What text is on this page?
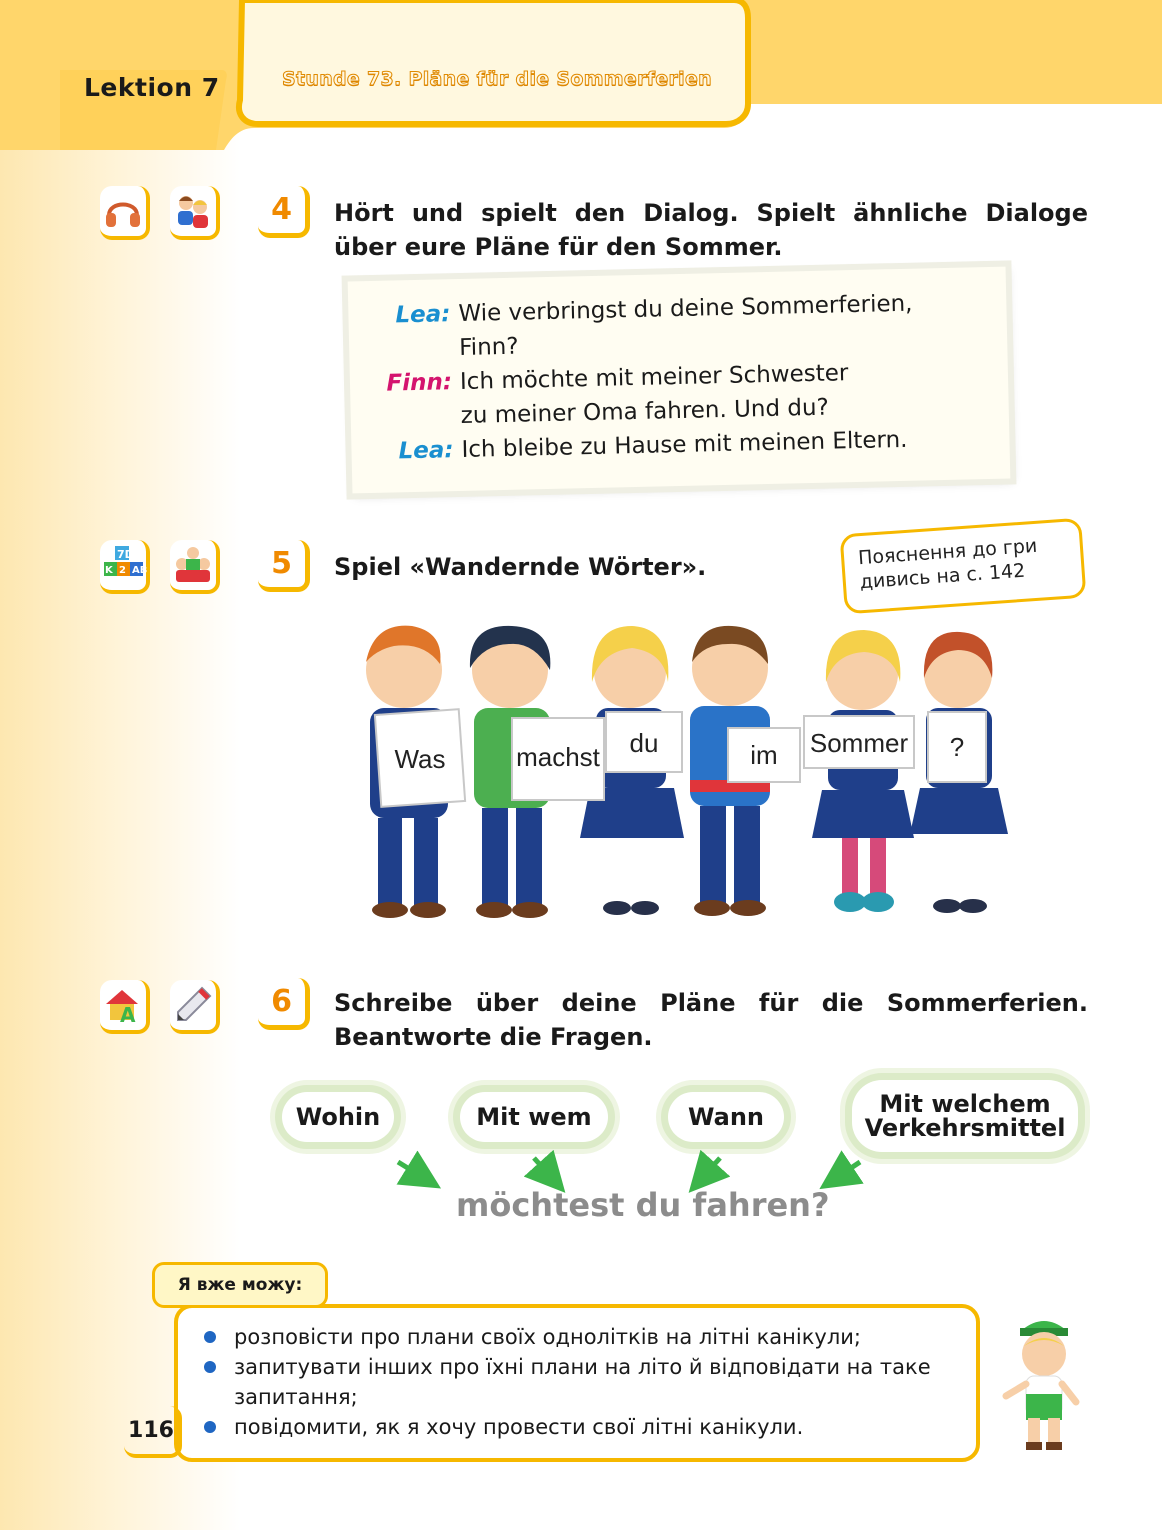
Lektion 7	Stunde 73. Pläne für die Sommerferien
4	Hört und spielt den Dialog. Spielt ähnliche Dialoge über eure Pläne für den Sommer.
Lea: Wie verbringst du deine Sommerferien,
Finn?
Finn: Ich möchte mit meiner Schwester
zu meiner Oma fahren. Und du?
Lea: Ich bleibe zu Hause mit meinen Eltern.
7D
K 2 AB	5	Spiel «Wandernde Wörter».	Пояснення до гри дивись на с. 142
Was	machst du	im Sommer ?
A	6	Schreibe über deine Pläne für die Sommerferien. Beantworte die Fragen.
Wohin	Mit wem	Wann	Mit welchem Verkehrsmittel
möchtest du fahren?
розповісти про плани своїх однолітків на літні канікули;
запитувати інших про їхні плани на літо й відповідати на таке запитання;
повідомити, як я хочу провести свої літні канікули.
Я вже можу:
116
